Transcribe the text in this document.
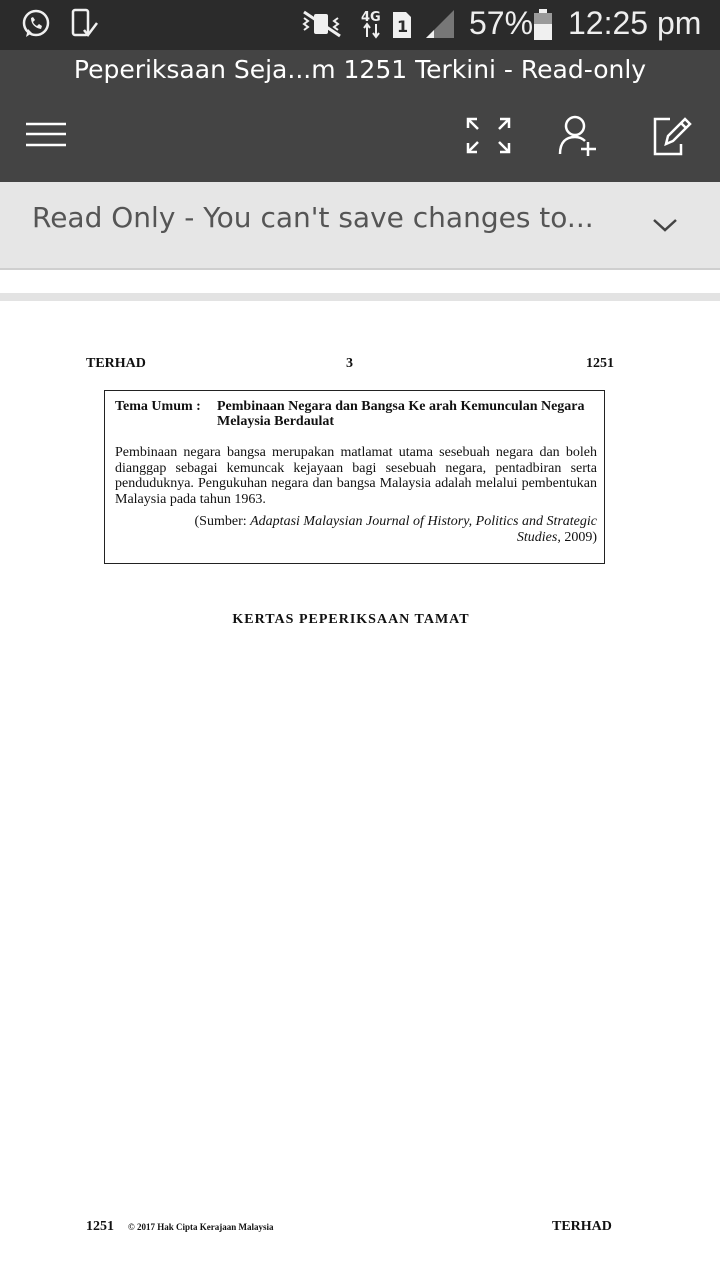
4G 1 57% 12:25 pm
Peperiksaan Seja...m 1251 Terkini - Read-only
Read Only - You can't save changes to...
TERHAD	3	1251
Tema Umum : Pembinaan Negara dan Bangsa Ke arah Kemunculan Negara Melaysia Berdaulat
Pembinaan negara bangsa merupakan matlamat utama sesebuah negara dan boleh dianggap sebagai kemuncak kejayaan bagi sesebuah negara, pentadbiran serta penduduknya. Pengukuhan negara dan bangsa Malaysia adalah melalui pembentukan Malaysia pada tahun 1963.
(Sumber: Adaptasi Malaysian Journal of History, Politics and Strategic Studies, 2009)
KERTAS PEPERIKSAAN TAMAT
1251 © 2017 Hak Cipta Kerajaan Malaysia	TERHAD
